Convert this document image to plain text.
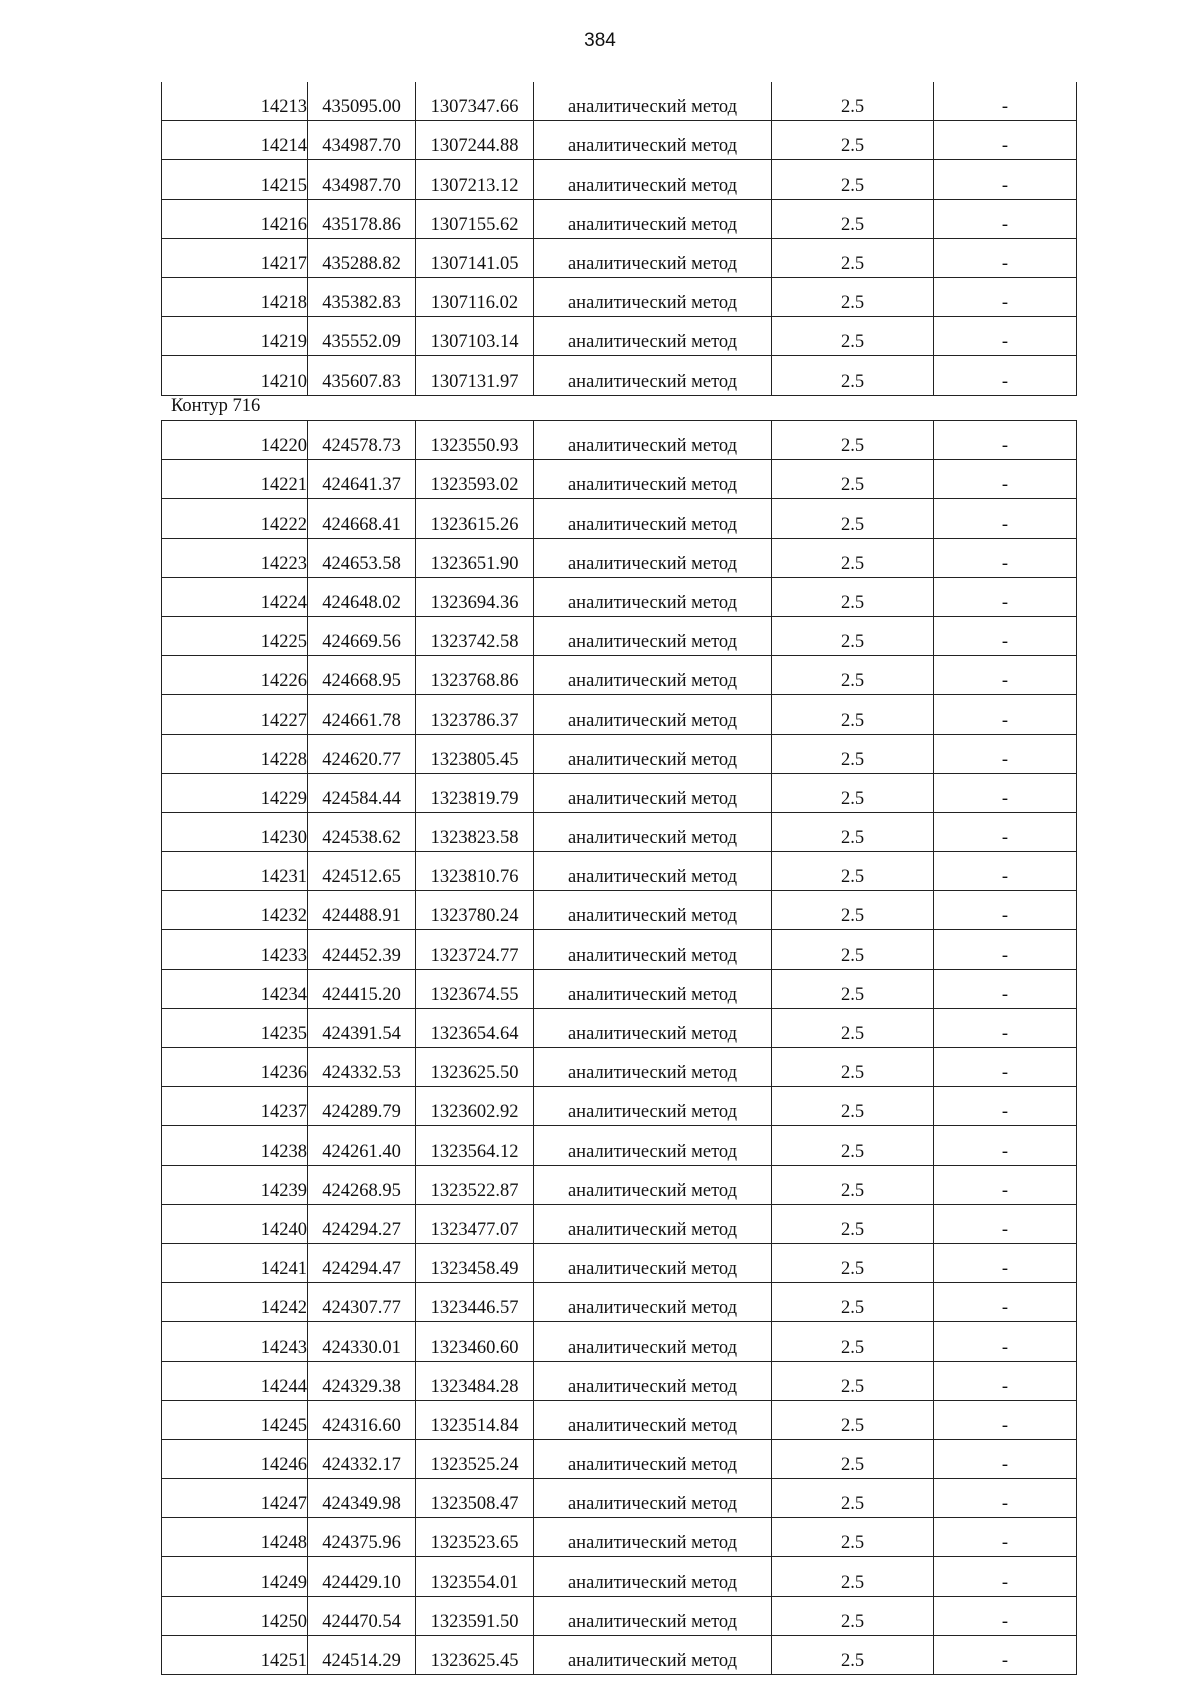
384
14213	435095.00	1307347.66	аналитический метод	2.5	-
14214	434987.70	1307244.88	аналитический метод	2.5	-
14215	434987.70	1307213.12	аналитический метод	2.5	-
14216	435178.86	1307155.62	аналитический метод	2.5	-
14217	435288.82	1307141.05	аналитический метод	2.5	-
14218	435382.83	1307116.02	аналитический метод	2.5	-
14219	435552.09	1307103.14	аналитический метод	2.5	-
14210	435607.83	1307131.97	аналитический метод	2.5	-
Контур 716
14220	424578.73	1323550.93	аналитический метод	2.5	-
14221	424641.37	1323593.02	аналитический метод	2.5	-
14222	424668.41	1323615.26	аналитический метод	2.5	-
14223	424653.58	1323651.90	аналитический метод	2.5	-
14224	424648.02	1323694.36	аналитический метод	2.5	-
14225	424669.56	1323742.58	аналитический метод	2.5	-
14226	424668.95	1323768.86	аналитический метод	2.5	-
14227	424661.78	1323786.37	аналитический метод	2.5	-
14228	424620.77	1323805.45	аналитический метод	2.5	-
14229	424584.44	1323819.79	аналитический метод	2.5	-
14230	424538.62	1323823.58	аналитический метод	2.5	-
14231	424512.65	1323810.76	аналитический метод	2.5	-
14232	424488.91	1323780.24	аналитический метод	2.5	-
14233	424452.39	1323724.77	аналитический метод	2.5	-
14234	424415.20	1323674.55	аналитический метод	2.5	-
14235	424391.54	1323654.64	аналитический метод	2.5	-
14236	424332.53	1323625.50	аналитический метод	2.5	-
14237	424289.79	1323602.92	аналитический метод	2.5	-
14238	424261.40	1323564.12	аналитический метод	2.5	-
14239	424268.95	1323522.87	аналитический метод	2.5	-
14240	424294.27	1323477.07	аналитический метод	2.5	-
14241	424294.47	1323458.49	аналитический метод	2.5	-
14242	424307.77	1323446.57	аналитический метод	2.5	-
14243	424330.01	1323460.60	аналитический метод	2.5	-
14244	424329.38	1323484.28	аналитический метод	2.5	-
14245	424316.60	1323514.84	аналитический метод	2.5	-
14246	424332.17	1323525.24	аналитический метод	2.5	-
14247	424349.98	1323508.47	аналитический метод	2.5	-
14248	424375.96	1323523.65	аналитический метод	2.5	-
14249	424429.10	1323554.01	аналитический метод	2.5	-
14250	424470.54	1323591.50	аналитический метод	2.5	-
14251	424514.29	1323625.45	аналитический метод	2.5	-
